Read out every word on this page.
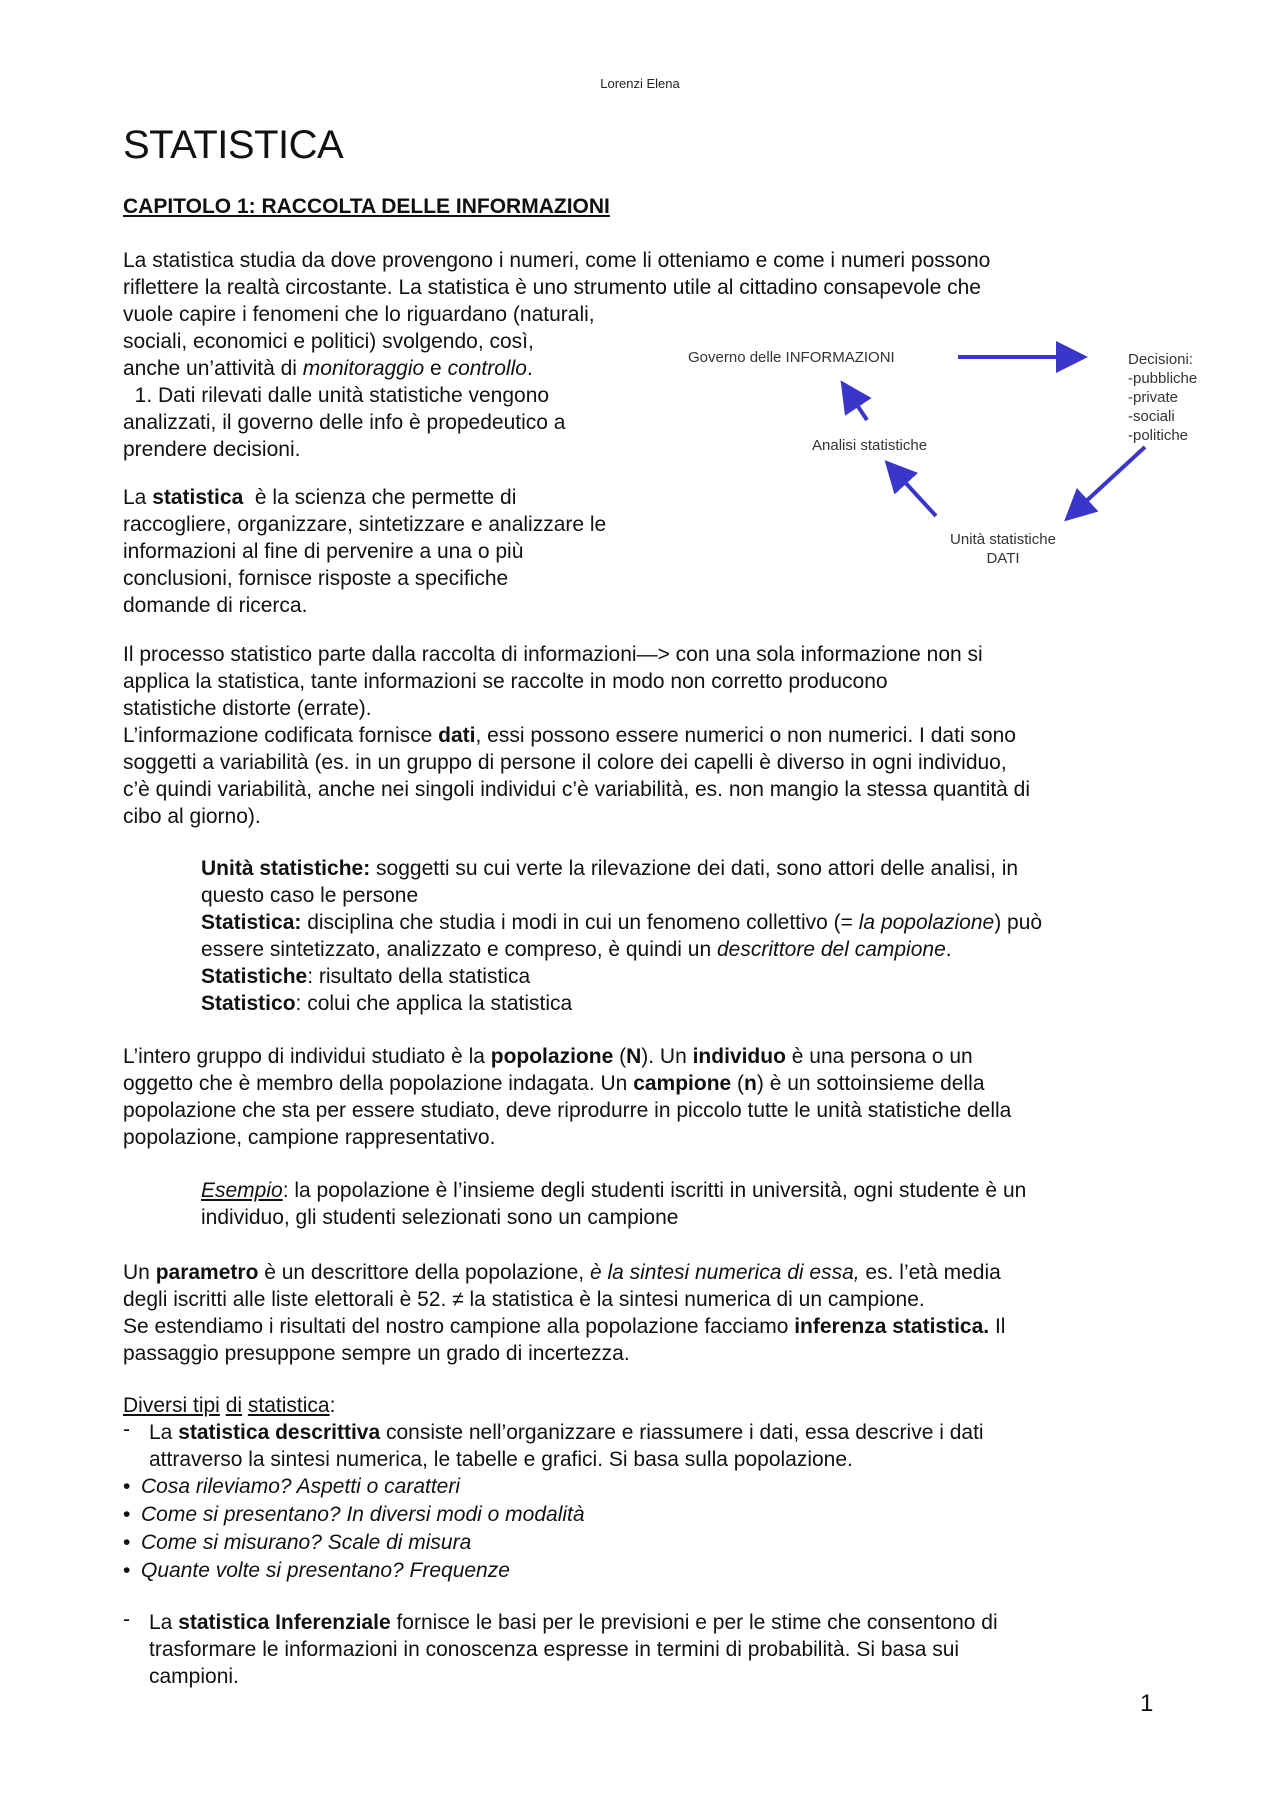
Lorenzi Elena
STATISTICA
CAPITOLO 1: RACCOLTA DELLE INFORMAZIONI

La statistica studia da dove provengono i numeri, come li otteniamo e come i numeri possono

riflettere la realtà circostante. La statistica è uno strumento utile al cittadino consapevole che

vuole capire i fenomeni che lo riguardano (naturali,

sociali, economici e politici) svolgendo, così,

anche un’attività di monitoraggio e controllo.

1. Dati rilevati dalle unità statistiche vengono

analizzati, il governo delle info è propedeutico a

prendere decisioni.

La statistica  è la scienza che permette di

raccogliere, organizzare, sintetizzare e analizzare le

informazioni al fine di pervenire a una o più

conclusioni, fornisce risposte a specifiche

domande di ricerca.

Governo delle INFORMAZIONI	Decisioni:
-pubbliche
-private
-sociali
-politiche
Analisi statistiche
Unità statistiche
DATI

Il processo statistico parte dalla raccolta di informazioni—> con una sola informazione non si

applica la statistica, tante informazioni se raccolte in modo non corretto producono

statistiche distorte (errate).

L’informazione codificata fornisce dati, essi possono essere numerici o non numerici. I dati sono

soggetti a variabilità (es. in un gruppo di persone il colore dei capelli è diverso in ogni individuo,

c’è quindi variabilità, anche nei singoli individui c’è variabilità, es. non mangio la stessa quantità di

cibo al giorno).

Unità statistiche: soggetti su cui verte la rilevazione dei dati, sono attori delle analisi, in

questo caso le persone

Statistica: disciplina che studia i modi in cui un fenomeno collettivo (= la popolazione) può

essere sintetizzato, analizzato e compreso, è quindi un descrittore del campione.

Statistiche: risultato della statistica

Statistico: colui che applica la statistica

L’intero gruppo di individui studiato è la popolazione (N). Un individuo è una persona o un

oggetto che è membro della popolazione indagata. Un campione (n) è un sottoinsieme della

popolazione che sta per essere studiato, deve riprodurre in piccolo tutte le unità statistiche della

popolazione, campione rappresentativo.

Esempio: la popolazione è l’insieme degli studenti iscritti in università, ogni studente è un

individuo, gli studenti selezionati sono un campione

Un parametro è un descrittore della popolazione, è la sintesi numerica di essa, es. l’età media

degli iscritti alle liste elettorali è 52. ≠ la statistica è la sintesi numerica di un campione.

Se estendiamo i risultati del nostro campione alla popolazione facciamo inferenza statistica. Il

passaggio presuppone sempre un grado di incertezza.

Diversi tipi di statistica:

- La statistica descrittiva consiste nell’organizzare e riassumere i dati, essa descrive i dati

attraverso la sintesi numerica, le tabelle e grafici. Si basa sulla popolazione.

• Cosa rileviamo? Aspetti o caratteri

• Come si presentano? In diversi modi o modalità

• Come si misurano? Scale di misura

• Quante volte si presentano? Frequenze

- La statistica Inferenziale fornisce le basi per le previsioni e per le stime che consentono di

trasformare le informazioni in conoscenza espresse in termini di probabilità. Si basa sui

campioni.

1
